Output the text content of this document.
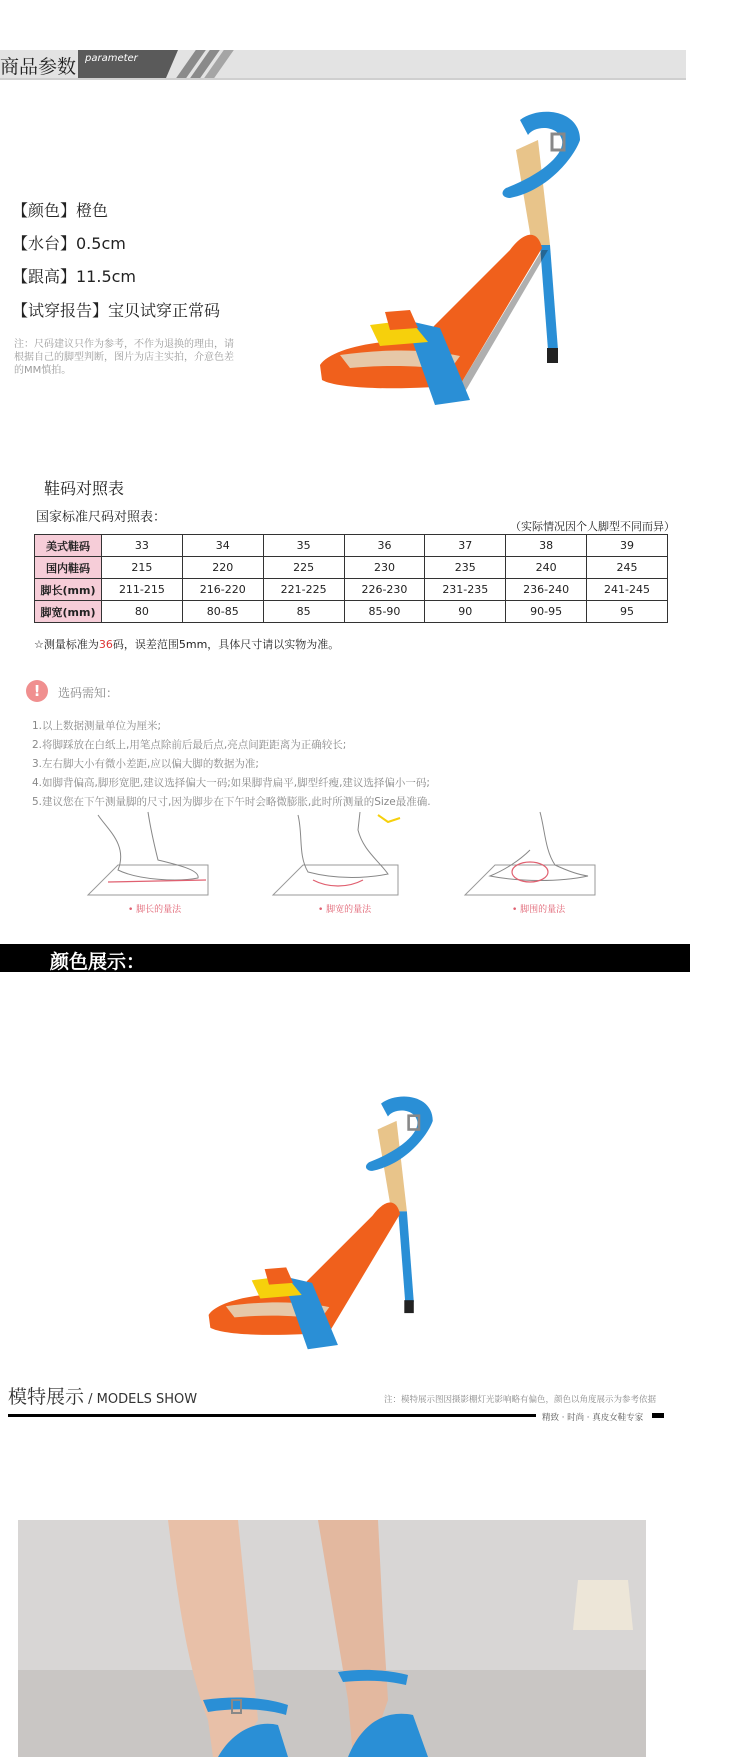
商品参数 parameter
【颜色】橙色
【水台】0.5cm
【跟高】11.5cm
【试穿报告】宝贝试穿正常码
注：尺码建议只作为参考，不作为退换的理由，请根据自己的脚型判断，图片为店主实拍，介意色差的MM慎拍。
鞋码对照表
国家标准尺码对照表：
（实际情况因个人脚型不同而异）
美式鞋码	33	34	35	36	37	38	39
国内鞋码	215	220	225	230	235	240	245
脚长(mm)	211-215	216-220	221-225	226-230	231-235	236-240	241-245
脚宽(mm)	80	80-85	85	85-90	90	90-95	95
☆测量标准为36码，误差范围5mm，具体尺寸请以实物为准。
!	选码需知：
1.以上数据测量单位为厘米;
2.将脚踩放在白纸上,用笔点除前后最后点,亮点间距距离为正确较长;
3.左右脚大小有微小差距,应以偏大脚的数据为准;
4.如脚背偏高,脚形宽肥,建议选择偏大一码;如果脚背扁平,脚型纤瘦,建议选择偏小一码;
5.建议您在下午测量脚的尺寸,因为脚步在下午时会略微膨胀,此时所测量的Size最准确.
• 脚长的量法	• 脚宽的量法	• 脚围的量法
颜色展示：
模特展示 / MODELS SHOW	注：模特展示图因摄影棚灯光影响略有偏色，颜色以角度展示为参考依据
精致 · 时尚 · 真皮女鞋专家
